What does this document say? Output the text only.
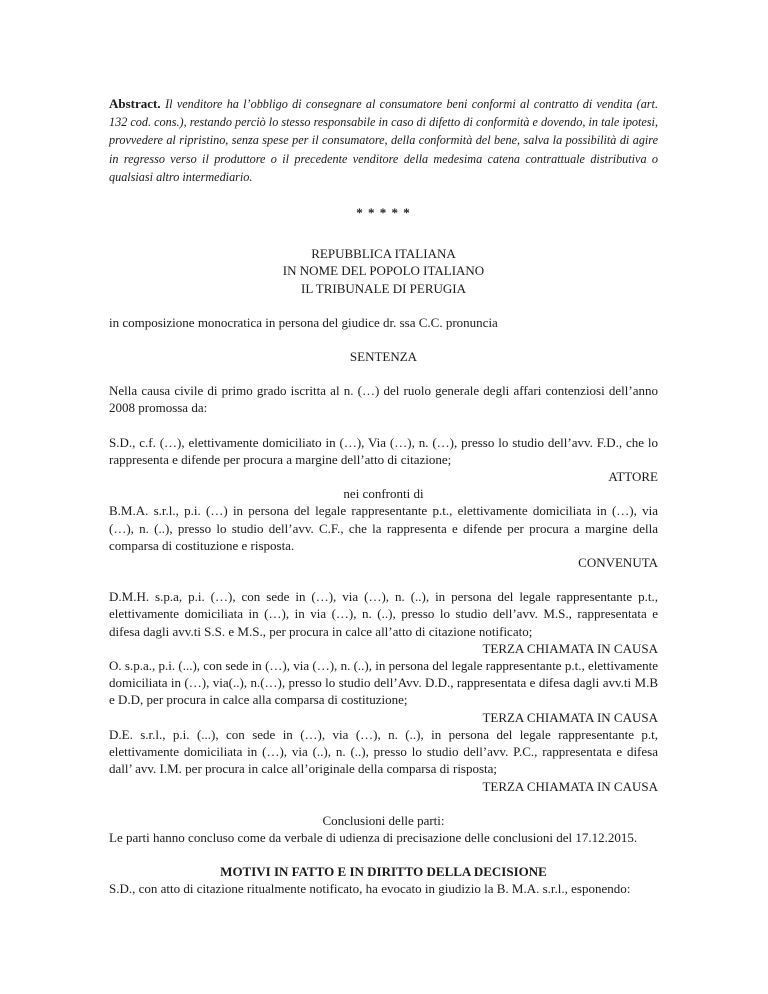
Abstract. Il venditore ha l’obbligo di consegnare al consumatore beni conformi al contratto di vendita (art. 132 cod. cons.), restando perciò lo stesso responsabile in caso di difetto di conformità e dovendo, in tale ipotesi, provvedere al ripristino, senza spese per il consumatore, della conformità del bene, salva la possibilità di agire in regresso verso il produttore o il precedente venditore della medesima catena contrattuale distributiva o qualsiasi altro intermediario.

* * * * *

REPUBBLICA ITALIANA
IN NOME DEL POPOLO ITALIANO
IL TRIBUNALE DI PERUGIA

in composizione monocratica in persona del giudice dr. ssa C.C. pronuncia

SENTENZA

Nella causa civile di primo grado iscritta al n. (…) del ruolo generale degli affari contenziosi dell’anno 2008 promossa da:

S.D., c.f. (…), elettivamente domiciliato in (…), Via (…), n. (…), presso lo studio dell’avv. F.D., che lo rappresenta e difende per procura a margine dell’atto di citazione;

ATTORE

nei confronti di

B.M.A. s.r.l., p.i. (…) in persona del legale rappresentante p.t., elettivamente domiciliata in (…), via (…), n. (..), presso lo studio dell’avv. C.F., che la rappresenta e difende per procura a margine della comparsa di costituzione e risposta.

CONVENUTA

D.M.H. s.p.a, p.i. (…), con sede in (…), via (…), n. (..), in persona del legale rappresentante p.t., elettivamente domiciliata in (…), in via (…), n. (..), presso lo studio dell’avv. M.S., rappresentata e difesa dagli avv.ti S.S. e M.S., per procura in calce all’atto di citazione notificato;

TERZA CHIAMATA IN CAUSA

O. s.p.a., p.i. (...), con sede in (…), via (…), n. (..), in persona del legale rappresentante p.t., elettivamente domiciliata in (…), via(..), n.(…), presso lo studio dell’Avv. D.D., rappresentata e difesa dagli avv.ti M.B e D.D, per procura in calce alla comparsa di costituzione;

TERZA CHIAMATA IN CAUSA

D.E. s.r.l., p.i. (...), con sede in (…), via (…), n. (..), in persona del legale rappresentante p.t, elettivamente domiciliata in (…), via (..), n. (..), presso lo studio dell’avv. P.C., rappresentata e difesa dall’ avv. I.M. per procura in calce all’originale della comparsa di risposta;

TERZA CHIAMATA IN CAUSA

Conclusioni delle parti:

Le parti hanno concluso come da verbale di udienza di precisazione delle conclusioni del 17.12.2015.

MOTIVI IN FATTO E IN DIRITTO DELLA DECISIONE

S.D., con atto di citazione ritualmente notificato, ha evocato in giudizio la B. M.A. s.r.l., esponendo:
